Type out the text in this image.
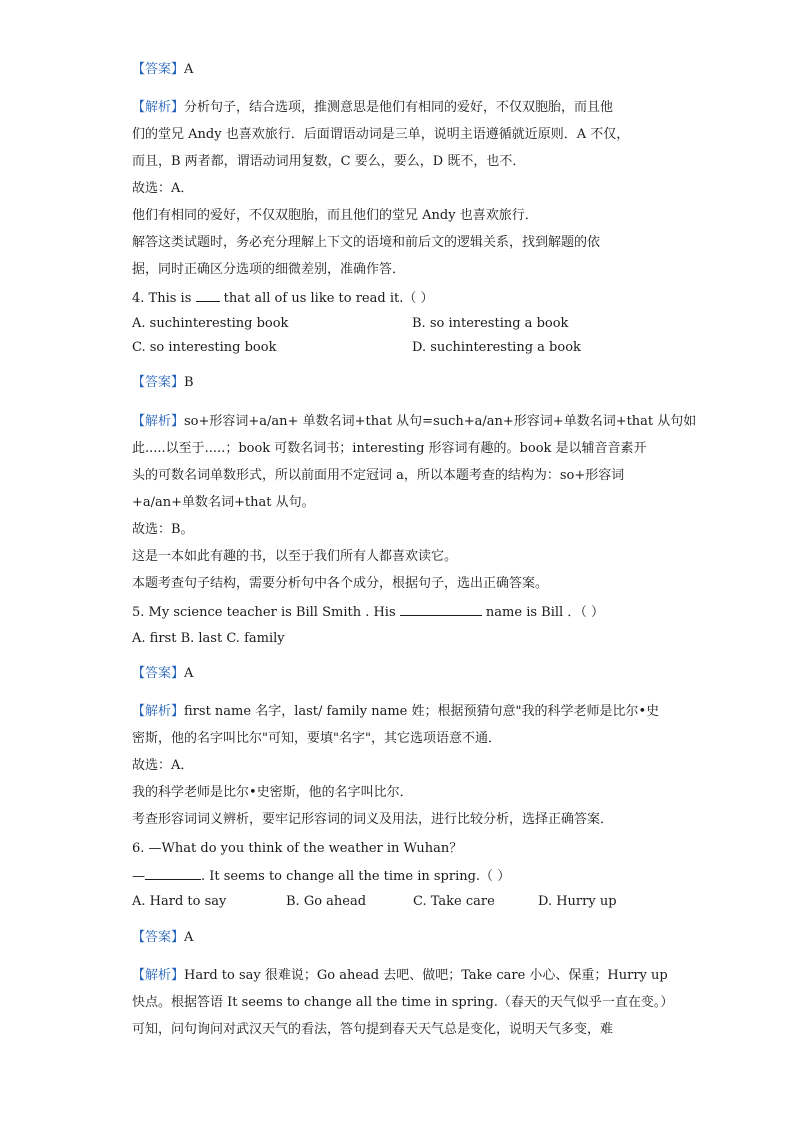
【答案】A
【解析】分析句子，结合选项，推测意思是他们有相同的爱好，不仅双胞胎，而且他
们的堂兄 Andy 也喜欢旅行．后面谓语动词是三单，说明主语遵循就近原则．A 不仅，
而且，B 两者都，谓语动词用复数，C 要么，要么，D 既不，也不．
故选：A．
他们有相同的爱好，不仅双胞胎，而且他们的堂兄 Andy 也喜欢旅行．
解答这类试题时，务必充分理解上下文的语境和前后文的逻辑关系，找到解题的依
据，同时正确区分选项的细微差别，准确作答．
4. This is that all of us like to read it.（ ）
A. suchinteresting book	B. so interesting a book
C. so interesting book	D. suchinteresting a book
【答案】B
【解析】so+形容词+a/an+ 单数名词+that 从句=such+a/an+形容词+单数名词+that 从句如
此.....以至于.....；book 可数名词书；interesting 形容词有趣的。book 是以辅音音素开
头的可数名词单数形式，所以前面用不定冠词 a，所以本题考查的结构为：so+形容词
+a/an+单数名词+that 从句。
故选：B。
这是一本如此有趣的书，以至于我们所有人都喜欢读它。
本题考查句子结构，需要分析句中各个成分，根据句子，选出正确答案。
5. My science teacher is Bill Smith . His	name is Bill ．（ ）
A. first B. last C. family
【答案】A
【解析】first name 名字，last/ family name 姓；根据预猜句意"我的科学老师是比尔•史
密斯，他的名字叫比尔"可知，要填"名字"，其它选项语意不通．
故选：A．
我的科学老师是比尔•史密斯，他的名字叫比尔．
考查形容词词义辨析，要牢记形容词的词义及用法，进行比较分析，选择正确答案．
6. —What do you think of the weather in Wuhan？
—	. It seems to change all the time in spring.（ ）
A. Hard to say	B. Go ahead	C. Take care	D. Hurry up
【答案】A
【解析】Hard to say 很难说；Go ahead 去吧、做吧；Take care 小心、保重；Hurry up
快点。根据答语 It seems to change all the time in spring.（春天的天气似乎一直在变。）
可知，问句询问对武汉天气的看法，答句提到春天天气总是变化，说明天气多变，难
